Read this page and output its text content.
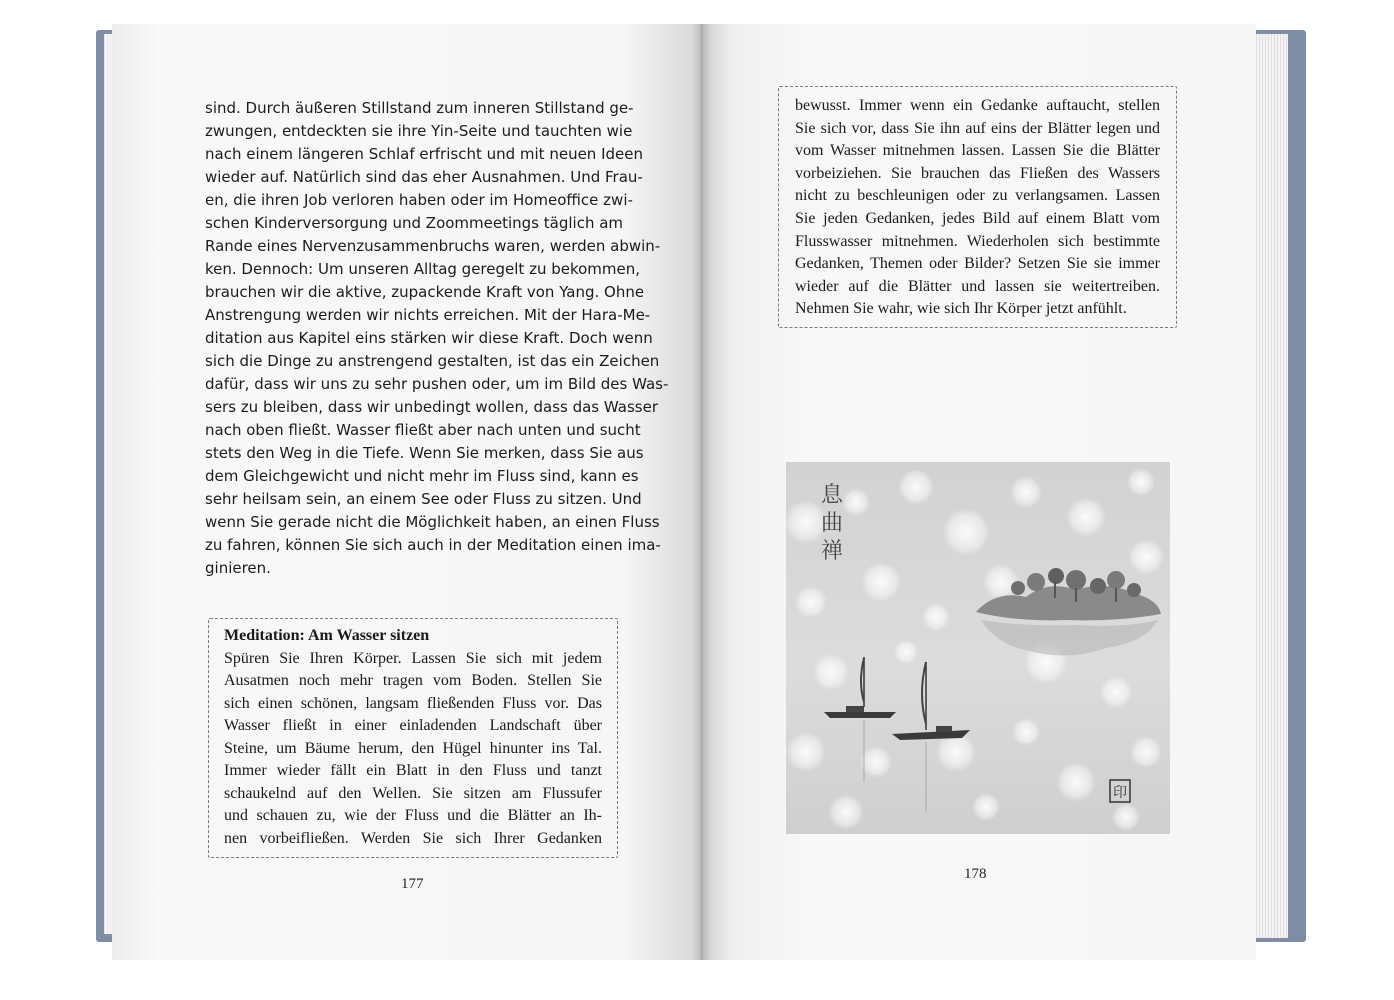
sind. Durch äußeren Stillstand zum inneren Stillstand ge-
zwungen, entdeckten sie ihre Yin-Seite und tauchten wie
nach einem längeren Schlaf erfrischt und mit neuen Ideen
wieder auf. Natürlich sind das eher Ausnahmen. Und Frau-
en, die ihren Job verloren haben oder im Homeoffice zwi-
schen Kinderversorgung und Zoommeetings täglich am
Rande eines Nervenzusammenbruchs waren, werden abwin-
ken. Dennoch: Um unseren Alltag geregelt zu bekommen,
brauchen wir die aktive, zupackende Kraft von Yang. Ohne
Anstrengung werden wir nichts erreichen. Mit der Hara-Me-
ditation aus Kapitel eins stärken wir diese Kraft. Doch wenn
sich die Dinge zu anstrengend gestalten, ist das ein Zeichen
dafür, dass wir uns zu sehr pushen oder, um im Bild des Was-
sers zu bleiben, dass wir unbedingt wollen, dass das Wasser
nach oben fließt. Wasser fließt aber nach unten und sucht
stets den Weg in die Tiefe. Wenn Sie merken, dass Sie aus
dem Gleichgewicht und nicht mehr im Fluss sind, kann es
sehr heilsam sein, an einem See oder Fluss zu sitzen. Und
wenn Sie gerade nicht die Möglichkeit haben, an einen Fluss
zu fahren, können Sie sich auch in der Meditation einen ima-
ginieren.
Meditation: Am Wasser sitzen
Spüren Sie Ihren Körper. Lassen Sie sich mit jedem
Ausatmen noch mehr tragen vom Boden. Stellen Sie
sich einen schönen, langsam fließenden Fluss vor. Das
Wasser fließt in einer einladenden Landschaft über
Steine, um Bäume herum, den Hügel hinunter ins Tal.
Immer wieder fällt ein Blatt in den Fluss und tanzt
schaukelnd auf den Wellen. Sie sitzen am Flussufer
und schauen zu, wie der Fluss und die Blätter an Ih-
nen vorbeifließen. Werden Sie sich Ihrer Gedanken
177
bewusst. Immer wenn ein Gedanke auftaucht, stellen
Sie sich vor, dass Sie ihn auf eins der Blätter legen und
vom Wasser mitnehmen lassen. Lassen Sie die Blätter
vorbeiziehen. Sie brauchen das Fließen des Wassers
nicht zu beschleunigen oder zu verlangsamen. Lassen
Sie jeden Gedanken, jedes Bild auf einem Blatt vom
Flusswasser mitnehmen. Wiederholen sich bestimmte
Gedanken, Themen oder Bilder? Setzen Sie sie immer
wieder auf die Blätter und lassen sie weitertreiben.
Nehmen Sie wahr, wie sich Ihr Körper jetzt anfühlt.
息
曲
禅
印
178
